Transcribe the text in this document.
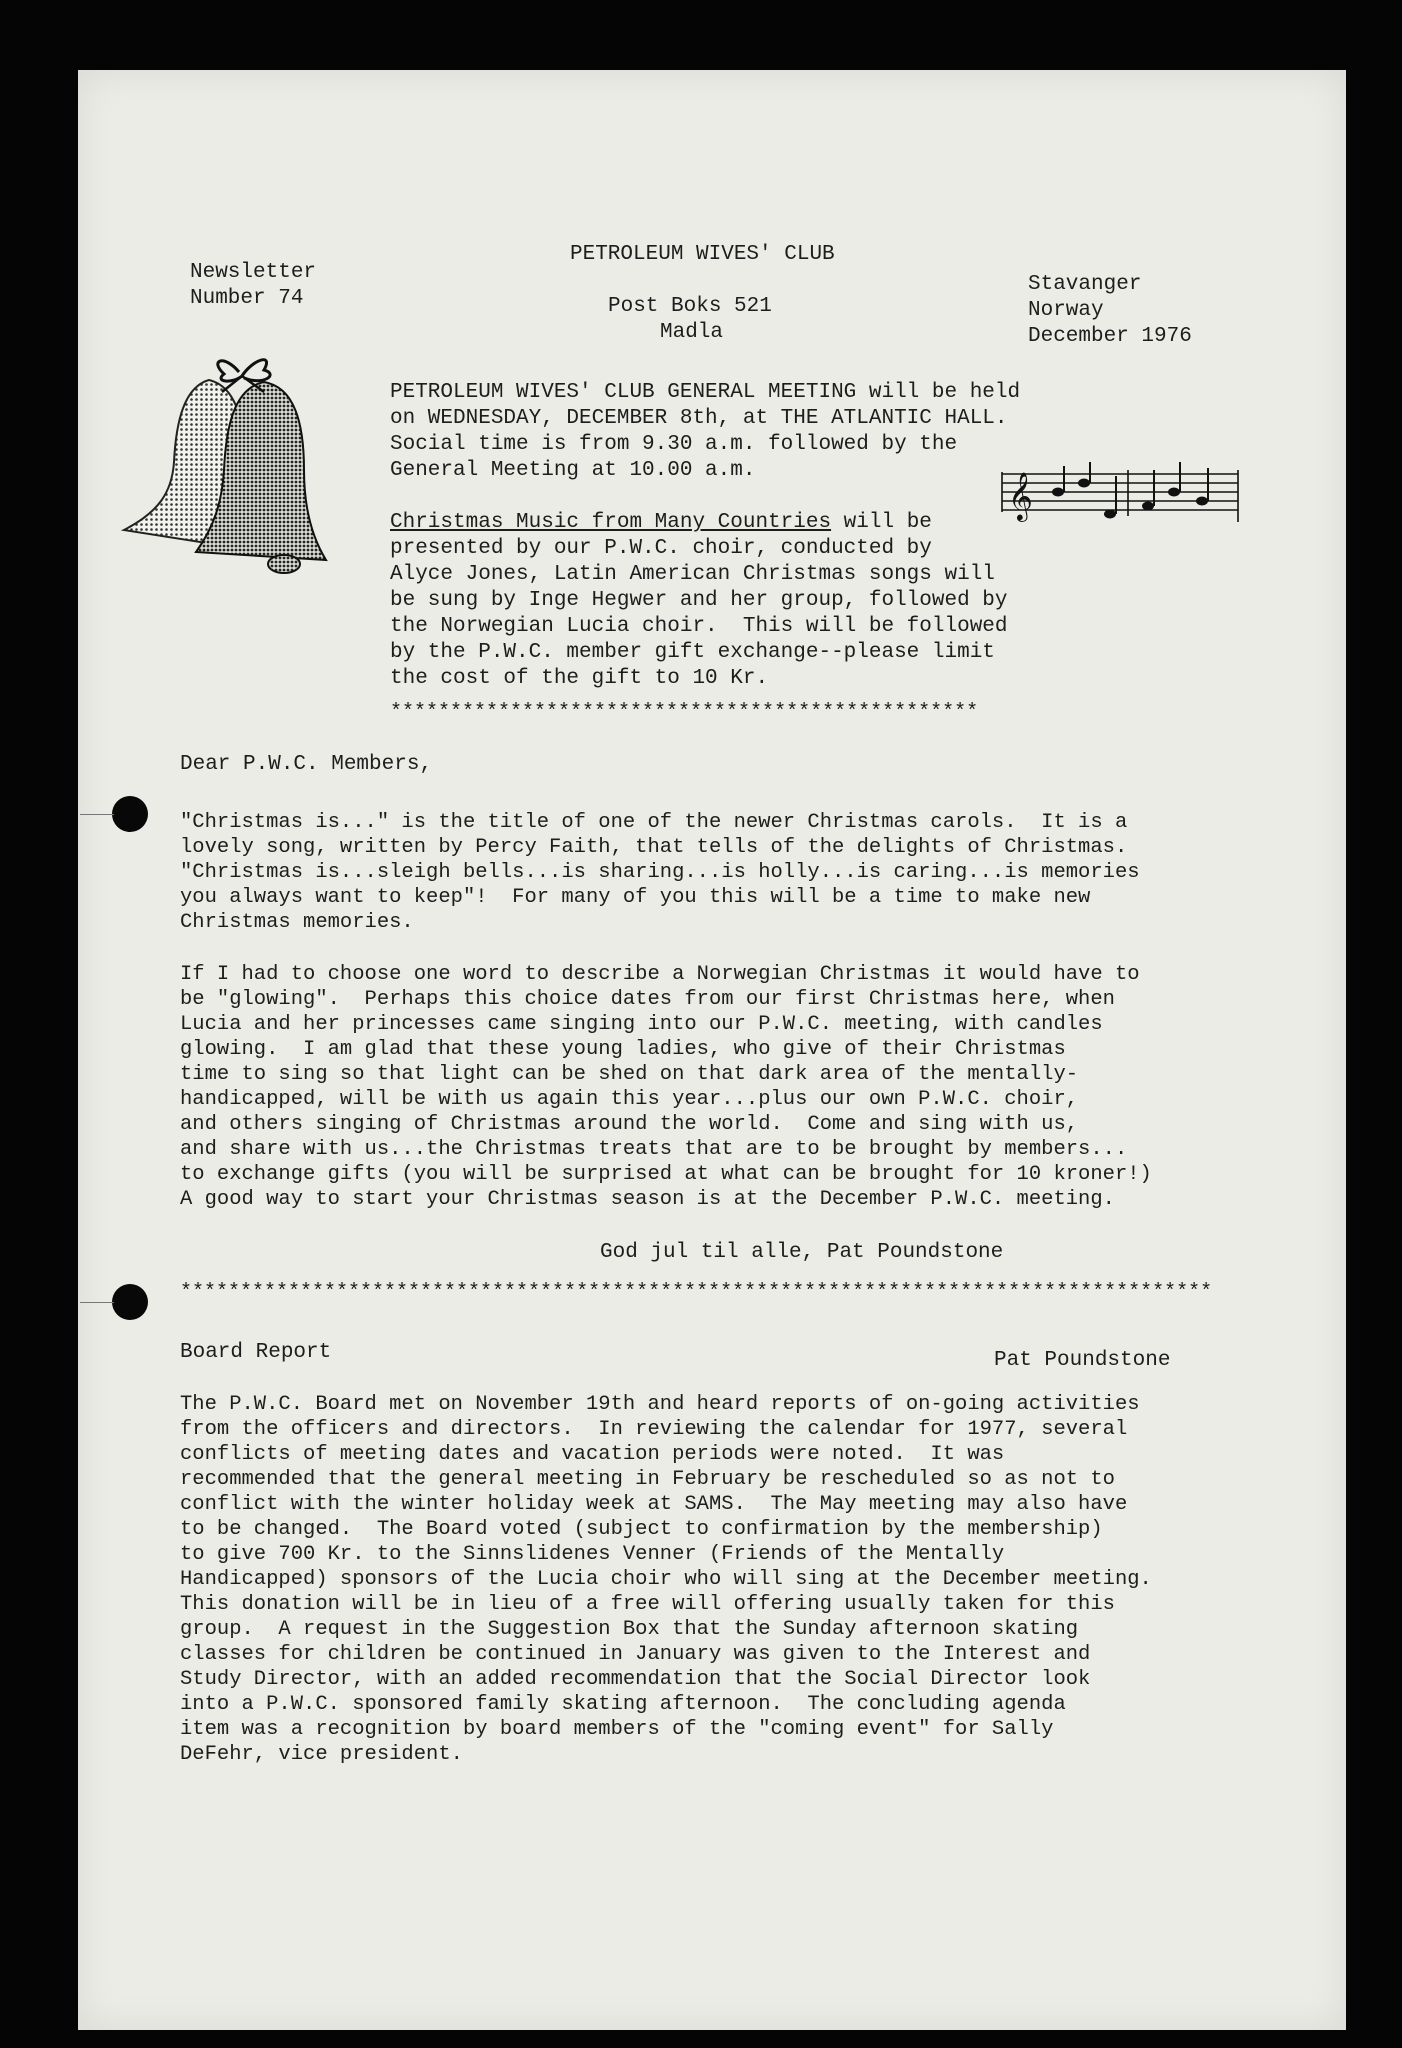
PETROLEUM WIVES' CLUB
Newsletter
Number 74	Post Boks 521
Madla
Stavanger
Norway
December 1976
𝄞
PETROLEUM WIVES' CLUB GENERAL MEETING will be held
on WEDNESDAY, DECEMBER 8th, at THE ATLANTIC HALL.
Social time is from 9.30 a.m. followed by the
General Meeting at 10.00 a.m.
Christmas Music from Many Countries will be
presented by our P.W.C. choir, conducted by
Alyce Jones, Latin American Christmas songs will
be sung by Inge Hegwer and her group, followed by
the Norwegian Lucia choir.  This will be followed
by the P.W.C. member gift exchange--please limit
the cost of the gift to 10 Kr.
*************************************************
Dear P.W.C. Members,
"Christmas is..." is the title of one of the newer Christmas carols.  It is a
lovely song, written by Percy Faith, that tells of the delights of Christmas.
"Christmas is...sleigh bells...is sharing...is holly...is caring...is memories
you always want to keep"!  For many of you this will be a time to make new
Christmas memories.
If I had to choose one word to describe a Norwegian Christmas it would have to
be "glowing".  Perhaps this choice dates from our first Christmas here, when
Lucia and her princesses came singing into our P.W.C. meeting, with candles
glowing.  I am glad that these young ladies, who give of their Christmas
time to sing so that light can be shed on that dark area of the mentally-
handicapped, will be with us again this year...plus our own P.W.C. choir,
and others singing of Christmas around the world.  Come and sing with us,
and share with us...the Christmas treats that are to be brought by members...
to exchange gifts (you will be surprised at what can be brought for 10 kroner!)
A good way to start your Christmas season is at the December P.W.C. meeting.
God jul til alle, Pat Poundstone
**************************************************************************************
Board Report	Pat Poundstone
The P.W.C. Board met on November 19th and heard reports of on-going activities
from the officers and directors.  In reviewing the calendar for 1977, several
conflicts of meeting dates and vacation periods were noted.  It was
recommended that the general meeting in February be rescheduled so as not to
conflict with the winter holiday week at SAMS.  The May meeting may also have
to be changed.  The Board voted (subject to confirmation by the membership)
to give 700 Kr. to the Sinnslidenes Venner (Friends of the Mentally
Handicapped) sponsors of the Lucia choir who will sing at the December meeting.
This donation will be in lieu of a free will offering usually taken for this
group.  A request in the Suggestion Box that the Sunday afternoon skating
classes for children be continued in January was given to the Interest and
Study Director, with an added recommendation that the Social Director look
into a P.W.C. sponsored family skating afternoon.  The concluding agenda
item was a recognition by board members of the "coming event" for Sally
DeFehr, vice president.
